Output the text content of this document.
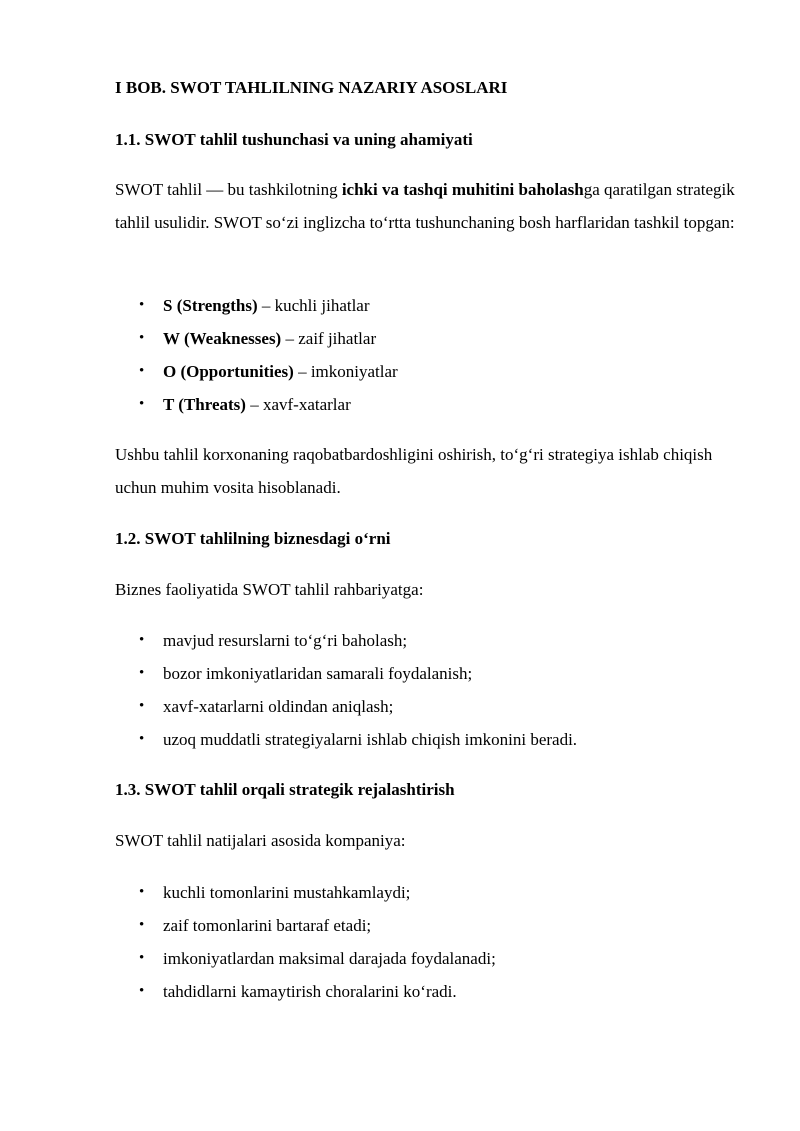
I BOB. SWOT TAHLILNING NAZARIY ASOSLARI
1.1. SWOT tahlil tushunchasi va uning ahamiyati

SWOT tahlil — bu tashkilotning ichki va tashqi muhitini baholashga qaratilgan strategik tahlil usulidir. SWOT so‘zi inglizcha to‘rtta tushunchaning bosh harflaridan tashkil topgan:

• S (Strengths) – kuchli jihatlar
• W (Weaknesses) – zaif jihatlar
• O (Opportunities) – imkoniyatlar
• T (Threats) – xavf-xatarlar

Ushbu tahlil korxonaning raqobatbardoshligini oshirish, to‘g‘ri strategiya ishlab chiqish uchun muhim vosita hisoblanadi.

1.2. SWOT tahlilning biznesdagi o‘rni

Biznes faoliyatida SWOT tahlil rahbariyatga:

• mavjud resurslarni to‘g‘ri baholash;
• bozor imkoniyatlaridan samarali foydalanish;
• xavf-xatarlarni oldindan aniqlash;
• uzoq muddatli strategiyalarni ishlab chiqish imkonini beradi.
1.3. SWOT tahlil orqali strategik rejalashtirish

SWOT tahlil natijalari asosida kompaniya:

• kuchli tomonlarini mustahkamlaydi;
• zaif tomonlarini bartaraf etadi;
• imkoniyatlardan maksimal darajada foydalanadi;
• tahdidlarni kamaytirish choralarini ko‘radi.
